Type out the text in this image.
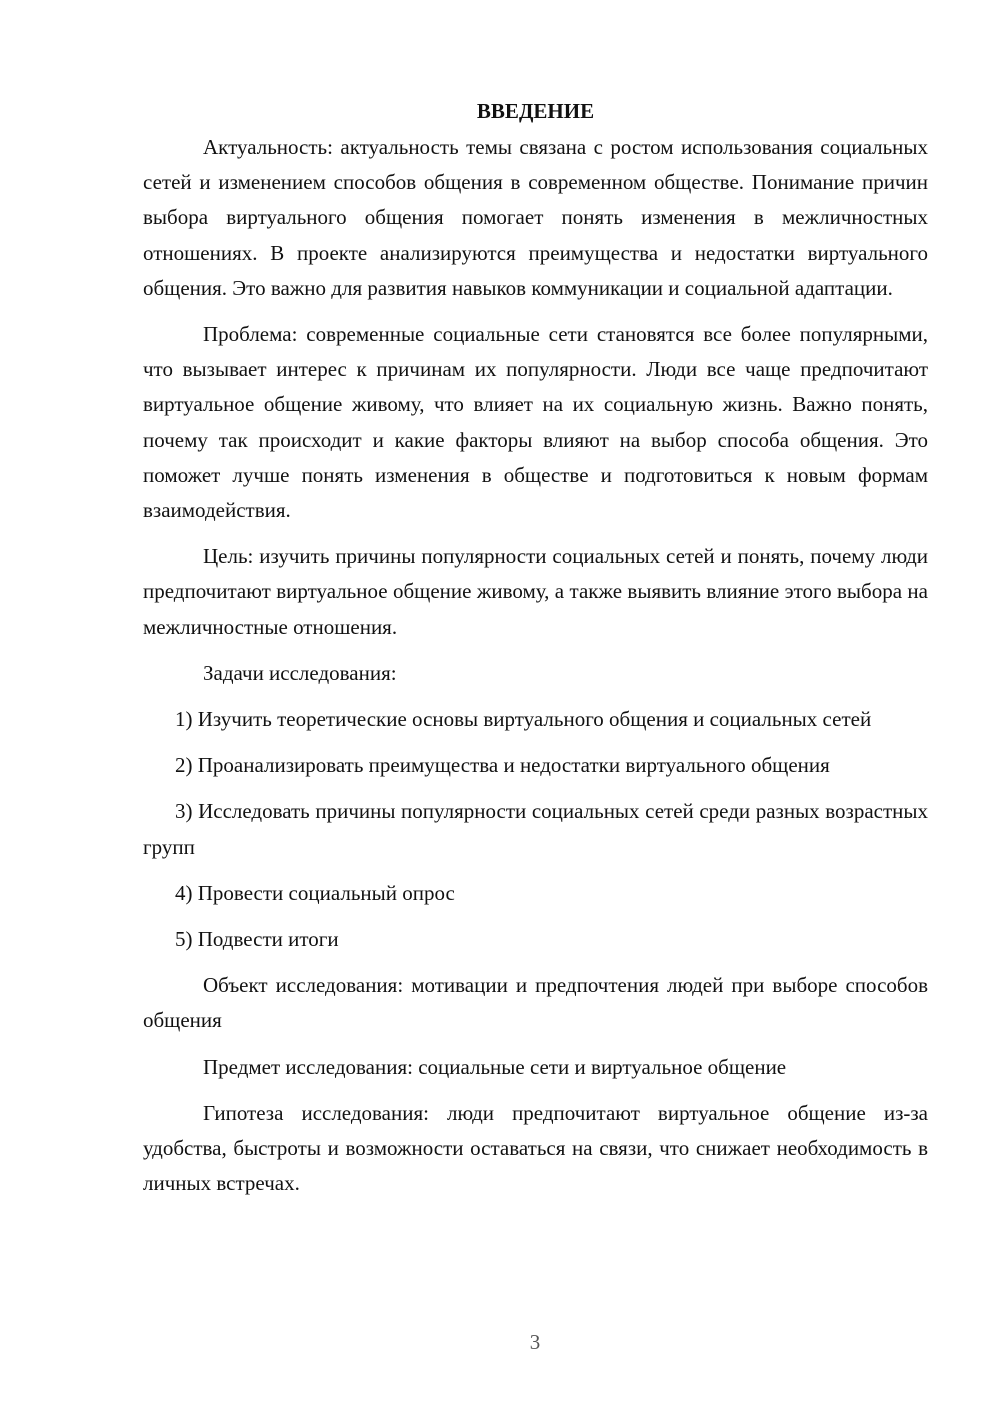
ВВЕДЕНИЕ

Актуальность: актуальность темы связана с ростом использования социальных сетей и изменением способов общения в современном обществе. Понимание причин выбора виртуального общения помогает понять изменения в межличностных отношениях. В проекте анализируются преимущества и недостатки виртуального общения. Это важно для развития навыков коммуникации и социальной адаптации.

Проблема: современные социальные сети становятся все более популярными, что вызывает интерес к причинам их популярности. Люди все чаще предпочитают виртуальное общение живому, что влияет на их социальную жизнь. Важно понять, почему так происходит и какие факторы влияют на выбор способа общения. Это поможет лучше понять изменения в обществе и подготовиться к новым формам взаимодействия.

Цель: изучить причины популярности социальных сетей и понять, почему люди предпочитают виртуальное общение живому, а также выявить влияние этого выбора на межличностные отношения.

Задачи исследования:

1) Изучить теоретические основы виртуального общения и социальных сетей

2) Проанализировать преимущества и недостатки виртуального общения

3) Исследовать причины популярности социальных сетей среди разных возрастных групп

4) Провести социальный опрос

5) Подвести итоги

Объект исследования: мотивации и предпочтения людей при выборе способов общения

Предмет исследования: социальные сети и виртуальное общение

Гипотеза исследования: люди предпочитают виртуальное общение из-за удобства, быстроты и возможности оставаться на связи, что снижает необходимость в личных встречах.

3
